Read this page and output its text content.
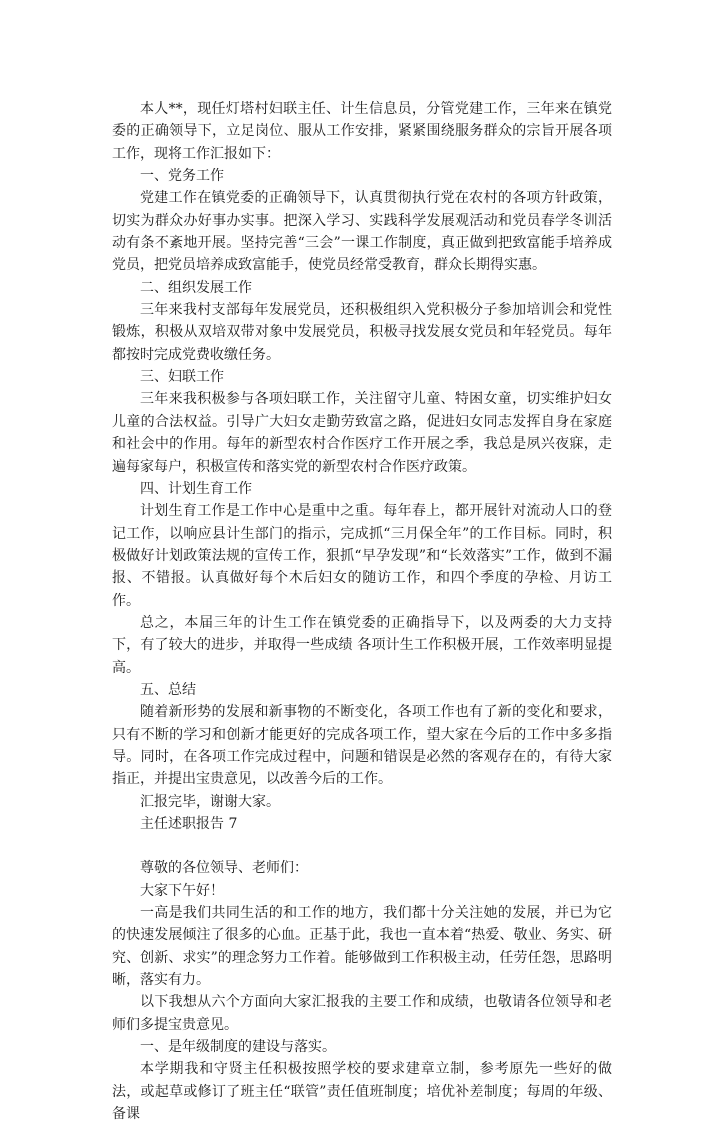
本人**，现任灯塔村妇联主任、计生信息员，分管党建工作，三年来在镇党委的正确领导下，立足岗位、服从工作安排，紧紧围绕服务群众的宗旨开展各项工作，现将工作汇报如下：

一、党务工作

党建工作在镇党委的正确领导下，认真贯彻执行党在农村的各项方针政策，切实为群众办好事办实事。把深入学习、实践科学发展观活动和党员春学冬训活动有条不紊地开展。坚持完善“三会”一课工作制度，真正做到把致富能手培养成党员，把党员培养成致富能手，使党员经常受教育，群众长期得实惠。

二、组织发展工作

三年来我村支部每年发展党员，还积极组织入党积极分子参加培训会和党性锻炼，积极从双培双带对象中发展党员，积极寻找发展女党员和年轻党员。每年都按时完成党费收缴任务。

三、妇联工作

三年来我积极参与各项妇联工作，关注留守儿童、特困女童，切实维护妇女儿童的合法权益。引导广大妇女走勤劳致富之路，促进妇女同志发挥自身在家庭和社会中的作用。每年的新型农村合作医疗工作开展之季，我总是夙兴夜寐，走遍每家每户，积极宣传和落实党的新型农村合作医疗政策。

四、计划生育工作

计划生育工作是工作中心是重中之重。每年春上，都开展针对流动人口的登记工作，以响应县计生部门的指示，完成抓“三月保全年”的工作目标。同时，积极做好计划政策法规的宣传工作，狠抓“早孕发现”和“长效落实”工作，做到不漏报、不错报。认真做好每个木后妇女的随访工作，和四个季度的孕检、月访工作。

总之，本届三年的计生工作在镇党委的正确指导下，以及两委的大力支持下，有了较大的进步，并取得一些成绩 各项计生工作积极开展，工作效率明显提高。

五、总结

随着新形势的发展和新事物的不断变化，各项工作也有了新的变化和要求，只有不断的学习和创新才能更好的完成各项工作，望大家在今后的工作中多多指导。同时，在各项工作完成过程中，问题和错误是必然的客观存在的，有待大家指正，并提出宝贵意见，以改善今后的工作。

汇报完毕，谢谢大家。

主任述职报告 7

尊敬的各位领导、老师们：

大家下午好！

一高是我们共同生活的和工作的地方，我们都十分关注她的发展，并已为它的快速发展倾注了很多的心血。正基于此，我也一直本着“热爱、敬业、务实、研究、创新、求实”的理念努力工作着。能够做到工作积极主动，任劳任怨，思路明晰，落实有力。

以下我想从六个方面向大家汇报我的主要工作和成绩，也敬请各位领导和老师们多提宝贵意见。

一、是年级制度的建设与落实。

本学期我和守贤主任积极按照学校的要求建章立制，参考原先一些好的做法，或起草或修订了班主任“联管”责任值班制度；培优补差制度；每周的年级、备课
